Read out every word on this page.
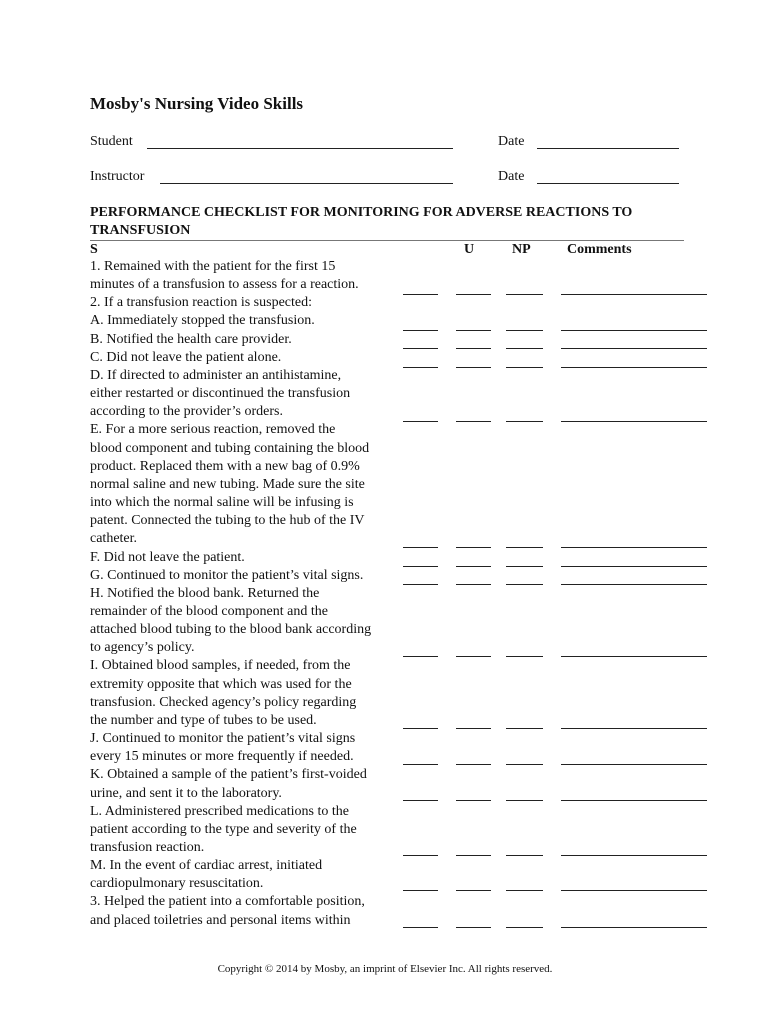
Mosby's Nursing Video Skills
Student	Date
Instructor	Date
PERFORMANCE CHECKLIST FOR MONITORING FOR ADVERSE REACTIONS TO TRANSFUSION
S	U	NP	Comments

1. Remained with the patient for the first 15
minutes of a transfusion to assess for a reaction.

2. If a transfusion reaction is suspected:

A. Immediately stopped the transfusion.

B. Notified the health care provider.

C. Did not leave the patient alone.

D. If directed to administer an antihistamine,
either restarted or discontinued the transfusion
according to the provider’s orders.

E. For a more serious reaction, removed the
blood component and tubing containing the blood
product. Replaced them with a new bag of 0.9%
normal saline and new tubing. Made sure the site
into which the normal saline will be infusing is
patent. Connected the tubing to the hub of the IV
catheter.

F. Did not leave the patient.

G. Continued to monitor the patient’s vital signs.

H. Notified the blood bank. Returned the
remainder of the blood component and the
attached blood tubing to the blood bank according
to agency’s policy.

I. Obtained blood samples, if needed, from the
extremity opposite that which was used for the
transfusion. Checked agency’s policy regarding
the number and type of tubes to be used.

J. Continued to monitor the patient’s vital signs
every 15 minutes or more frequently if needed.

K. Obtained a sample of the patient’s first-voided
urine, and sent it to the laboratory.

L. Administered prescribed medications to the
patient according to the type and severity of the
transfusion reaction.

M. In the event of cardiac arrest, initiated
cardiopulmonary resuscitation.

3. Helped the patient into a comfortable position,
and placed toiletries and personal items within

Copyright © 2014 by Mosby, an imprint of Elsevier Inc. All rights reserved.
